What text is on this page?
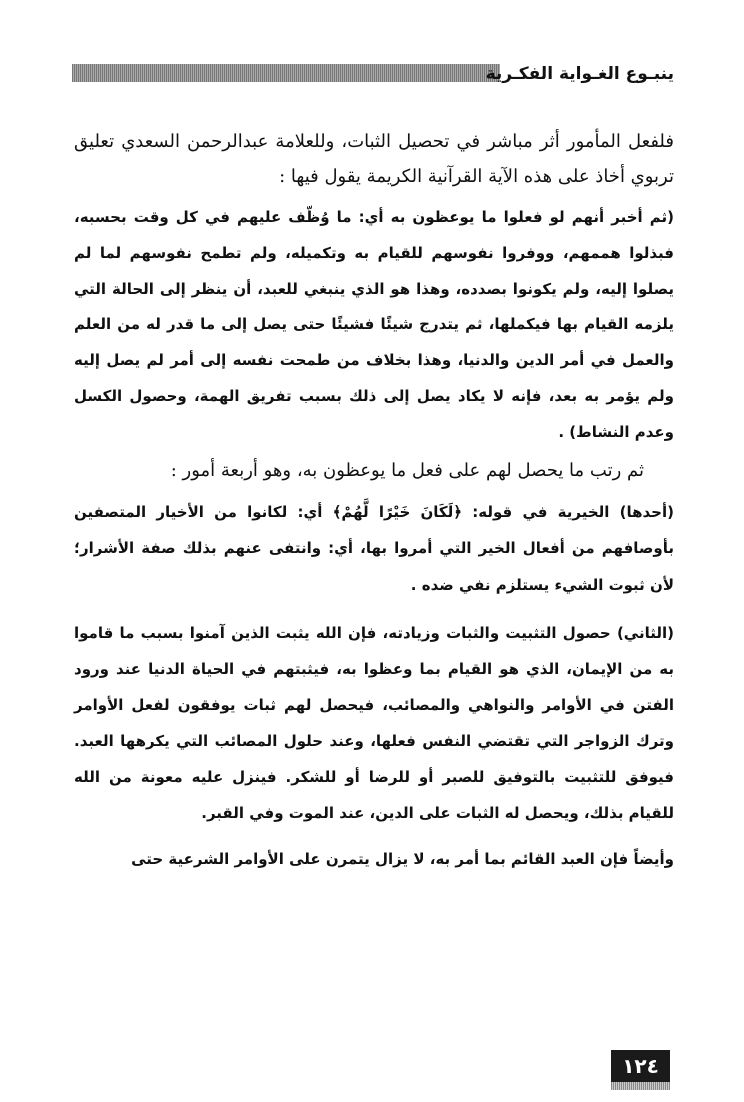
ينبـوع الغـواية الفكـرية

فلفعل المأمور أثر مباشر في تحصيل الثبات، وللعلامة عبدالرحمن السعدي تعليق تربوي أخاذ على هذه الآية القرآنية الكريمة يقول فيها :

(ثم أخبر أنهم لو فعلوا ما يوعظون به أي: ما وُظّف عليهم في كل وقت بحسبه، فبذلوا هممهم، ووفروا نفوسهم للقيام به وتكميله، ولم تطمح نفوسهم لما لم يصلوا إليه، ولم يكونوا بصدده، وهذا هو الذي ينبغي للعبد، أن ينظر إلى الحالة التي يلزمه القيام بها فيكملها، ثم يتدرج شيئًا فشيئًا حتى يصل إلى ما قدر له من العلم والعمل في أمر الدين والدنيا، وهذا بخلاف من طمحت نفسه إلى أمر لم يصل إليه ولم يؤمر به بعد، فإنه لا يكاد يصل إلى ذلك بسبب تفريق الهمة، وحصول الكسل وعدم النشاط) .

ثم رتب ما يحصل لهم على فعل ما يوعظون به، وهو أربعة أمور :

(أحدها) الخيرية في قوله: ﴿لَكَانَ خَيْرًا لَّهُمْ﴾ أي: لكانوا من الأخيار المتصفين بأوصافهم من أفعال الخير التي أمروا بها، أي: وانتفى عنهم بذلك صفة الأشرار؛ لأن ثبوت الشيء يستلزم نفي ضده .

(الثاني) حصول التثبيت والثبات وزيادته، فإن الله يثبت الذين آمنوا بسبب ما قاموا به من الإيمان، الذي هو القيام بما وعظوا به، فيثبتهم في الحياة الدنيا عند ورود الفتن في الأوامر والنواهي والمصائب، فيحصل لهم ثبات يوفقون لفعل الأوامر وترك الزواجر التي تقتضي النفس فعلها، وعند حلول المصائب التي يكرهها العبد. فيوفق للتثبيت بالتوفيق للصبر أو للرضا أو للشكر. فينزل عليه معونة من الله للقيام بذلك، ويحصل له الثبات على الدين، عند الموت وفي القبر.

وأيضاً فإن العبد القائم بما أمر به، لا يزال يتمرن على الأوامر الشرعية حتى

١٢٤
